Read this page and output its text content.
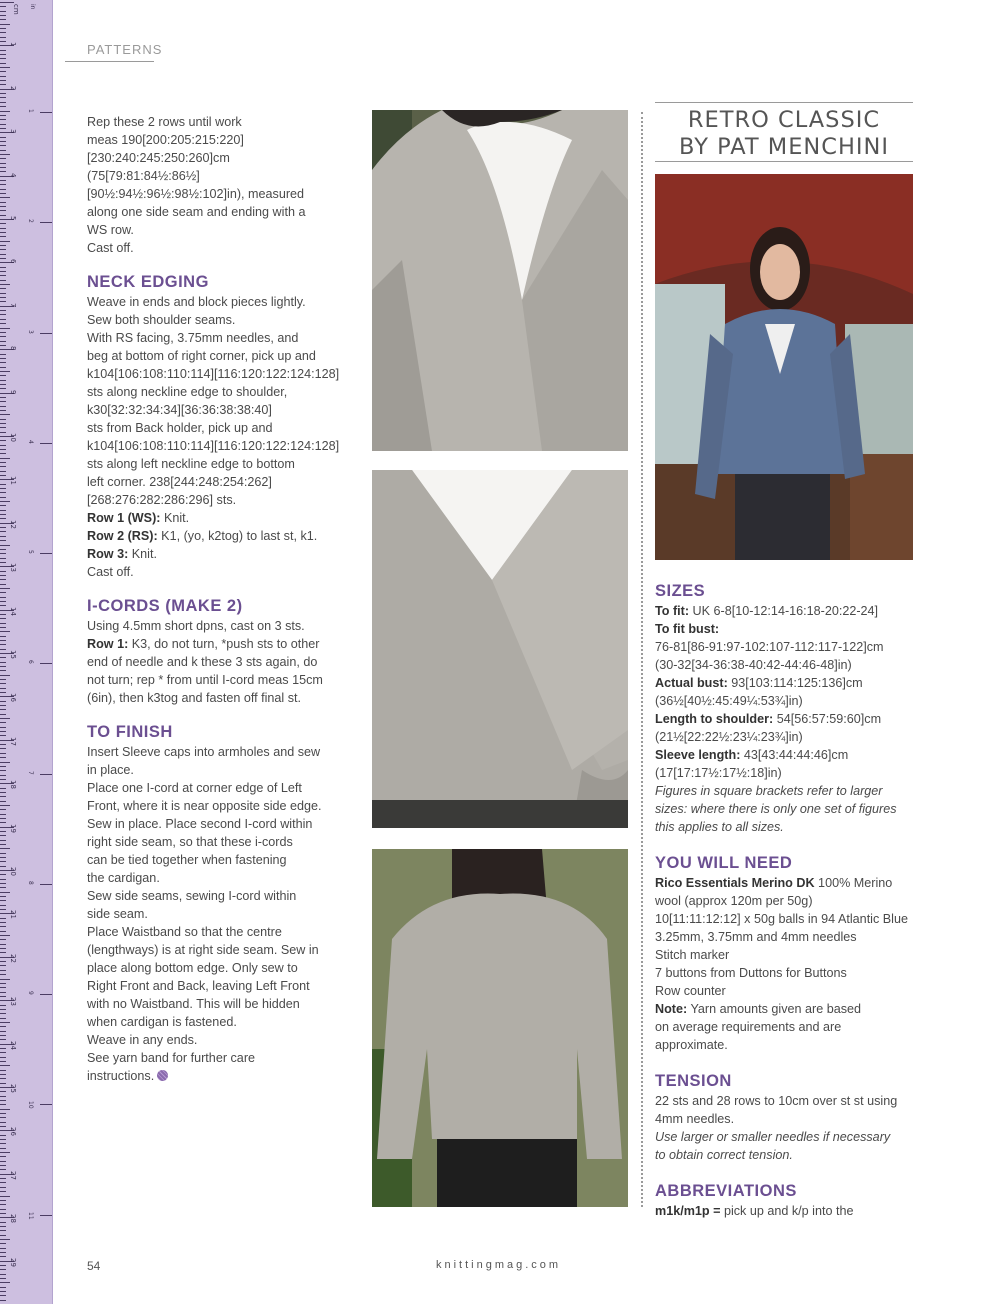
cm in
1
2
3
4
5
6
7
8
9
10
11
12
13
14
15
16
17
18
19
20
21
22
23
24
25
26
27
28
29
1
2
3
4
5
6
7
8
9
10
11
PATTERNS

Rep these 2 rows until work

meas 190[200:205:215:220]

[230:240:245:250:260]cm

(75[79:81:84½:86½]

[90½:94½:96½:98½:102]in), measured

along one side seam and ending with a

WS row.

Cast off.

NECK EDGING

Weave in ends and block pieces lightly.

Sew both shoulder seams.

With RS facing, 3.75mm needles, and

beg at bottom of right corner, pick up and

k104[106:108:110:114][116:120:122:124:128]

sts along neckline edge to shoulder,

k30[32:32:34:34][36:36:38:38:40]

sts from Back holder, pick up and

k104[106:108:110:114][116:120:122:124:128]

sts along left neckline edge to bottom

left corner. 238[244:248:254:262]

[268:276:282:286:296] sts.

Row 1 (WS): Knit.

Row 2 (RS): K1, (yo, k2tog) to last st, k1.

Row 3: Knit.

Cast off.

I-CORDS (MAKE 2)

Using 4.5mm short dpns, cast on 3 sts.

Row 1: K3, do not turn, *push sts to other

end of needle and k these 3 sts again, do

not turn; rep * from until I-cord meas 15cm

(6in), then k3tog and fasten off final st.

TO FINISH

Insert Sleeve caps into armholes and sew

in place.

Place one I-cord at corner edge of Left

Front, where it is near opposite side edge.

Sew in place. Place second I-cord within

right side seam, so that these i-cords

can be tied together when fastening

the cardigan.

Sew side seams, sewing I-cord within

side seam.

Place Waistband so that the centre

(lengthways) is at right side seam. Sew in

place along bottom edge. Only sew to

Right Front and Back, leaving Left Front

with no Waistband. This will be hidden

when cardigan is fastened.

Weave in any ends.

See yarn band for further care

instructions.

RETRO CLASSIC
BY PAT MENCHINI
SIZES

To fit: UK 6-8[10-12:14-16:18-20:22-24]

To fit bust:

76-81[86-91:97-102:107-112:117-122]cm

(30-32[34-36:38-40:42-44:46-48]in)

Actual bust: 93[103:114:125:136]cm

(36½[40½:45:49¼:53¾]in)

Length to shoulder: 54[56:57:59:60]cm

(21½[22:22½:23¼:23¾]in)

Sleeve length: 43[43:44:44:46]cm

(17[17:17½:17½:18]in)

Figures in square brackets refer to larger

sizes: where there is only one set of figures

this applies to all sizes.

YOU WILL NEED

Rico Essentials Merino DK 100% Merino

wool (approx 120m per 50g)

10[11:11:12:12] x 50g balls in 94 Atlantic Blue

3.25mm, 3.75mm and 4mm needles

Stitch marker

7 buttons from Duttons for Buttons

Row counter

Note: Yarn amounts given are based

on average requirements and are

approximate.

TENSION

22 sts and 28 rows to 10cm over st st using

4mm needles.

Use larger or smaller needles if necessary

to obtain correct tension.

ABBREVIATIONS

m1k/m1p = pick up and k/p into the

54	knittingmag.com
